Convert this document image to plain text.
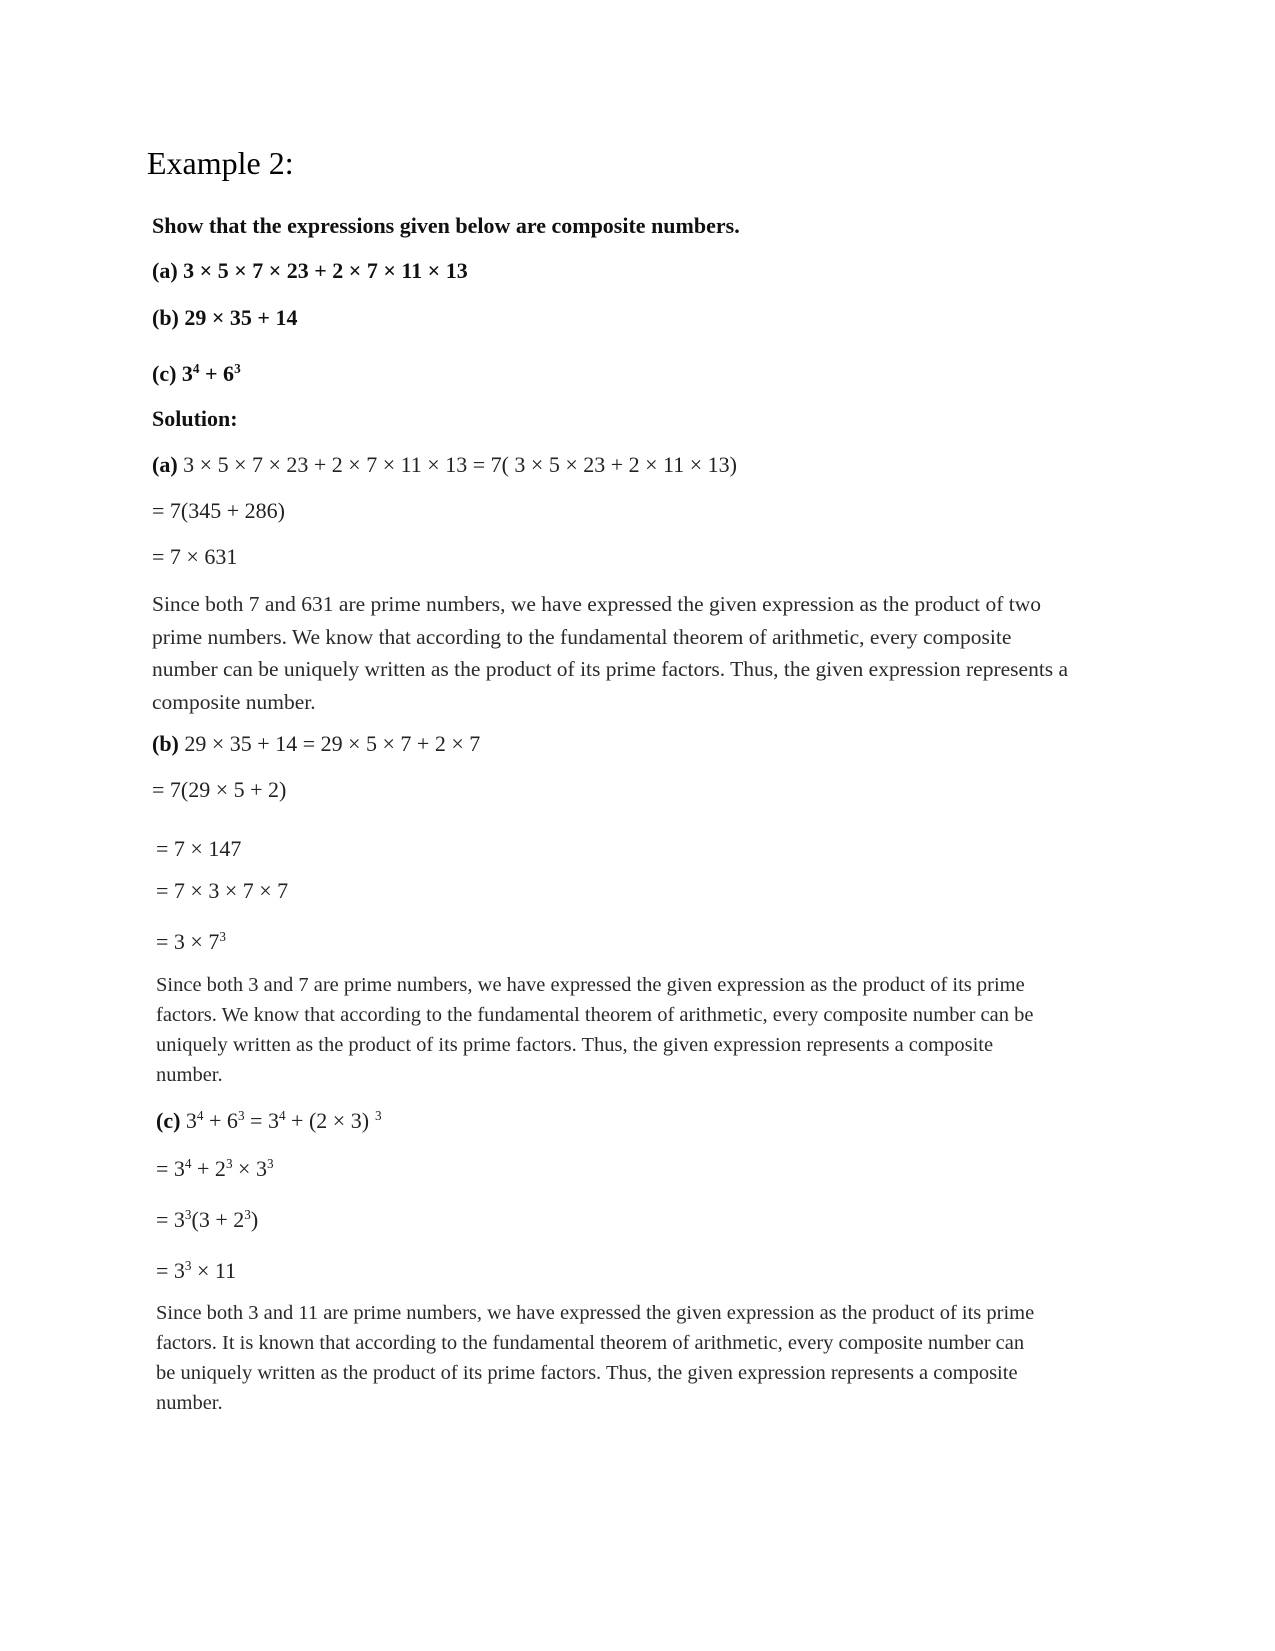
Example 2:
Show that the expressions given below are composite numbers.
(a) 3 × 5 × 7 × 23 + 2 × 7 × 11 × 13
(b) 29 × 35 + 14
(c) $3^4 + 6^3$
Solution:
(a) 3 × 5 × 7 × 23 + 2 × 7 × 11 × 13 = 7( 3 × 5 × 23 + 2 × 11 × 13)
= 7(345 + 286)
= 7 × 631
Since both 7 and 631 are prime numbers, we have expressed the given expression as the product of two prime numbers. We know that according to the fundamental theorem of arithmetic, every composite number can be uniquely written as the product of its prime factors. Thus, the given expression represents a composite number.
(b) 29 × 35 + 14 = 29 × 5 × 7 + 2 × 7
= 7(29 × 5 + 2)
= 7 × 147
= 7 × 3 × 7 × 7
= $3 \times 7^3$
Since both 3 and 7 are prime numbers, we have expressed the given expression as the product of its prime factors. We know that according to the fundamental theorem of arithmetic, every composite number can be uniquely written as the product of its prime factors. Thus, the given expression represents a composite number.
(c) $3^4 + 6^3 = 3^4 + (2 \times 3)$ $^3$
= $3^4 + 2^3 \times 3^3$
= $3^3(3 + 2^3)$
= $3^3 \times 11$
Since both 3 and 11 are prime numbers, we have expressed the given expression as the product of its prime factors. It is known that according to the fundamental theorem of arithmetic, every composite number can be uniquely written as the product of its prime factors. Thus, the given expression represents a composite number.
